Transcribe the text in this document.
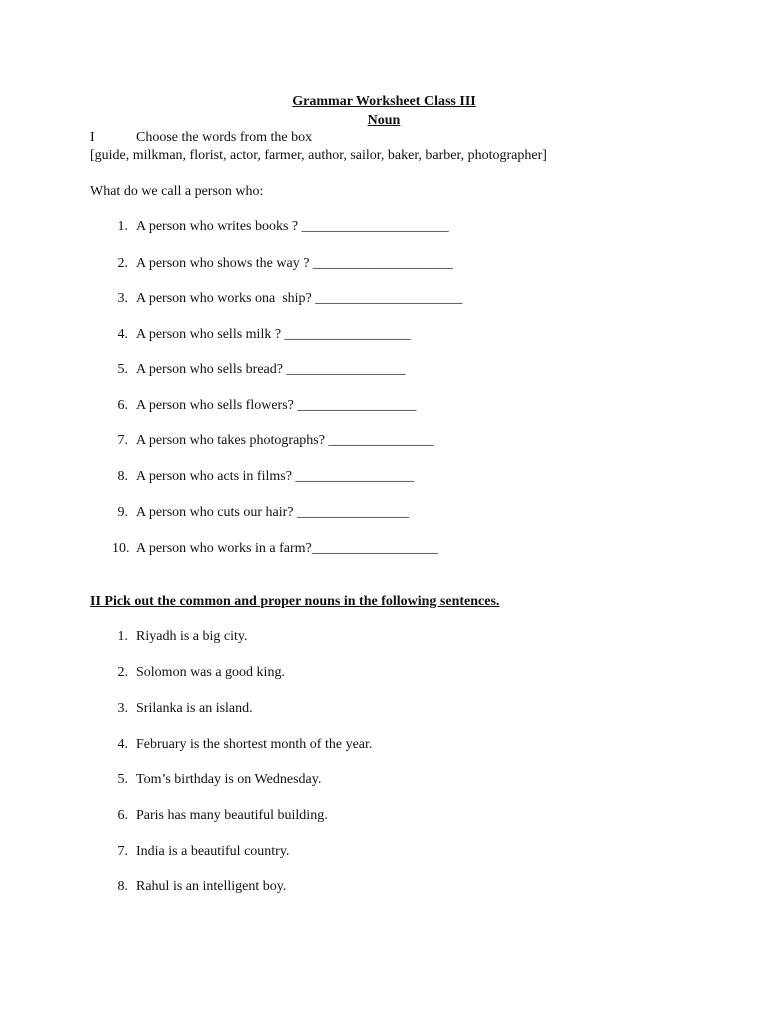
Grammar Worksheet Class III
Noun
I	Choose the words from the box
[guide, milkman, florist, actor, farmer, author, sailor, baker, barber, photographer]
What do we call a person who:
1. A person who writes books ? _____________________
2. A person who shows the way ? ____________________
3. A person who works ona  ship? _____________________
4. A person who sells milk ? __________________
5. A person who sells bread? _________________
6. A person who sells flowers? _________________
7. A person who takes photographs? _______________
8. A person who acts in films? _________________
9. A person who cuts our hair? ________________
10. A person who works in a farm?__________________
II Pick out the common and proper nouns in the following sentences.
1. Riyadh is a big city.
2. Solomon was a good king.
3. Srilanka is an island.
4. February is the shortest month of the year.
5. Tom’s birthday is on Wednesday.
6. Paris has many beautiful building.
7. India is a beautiful country.
8. Rahul is an intelligent boy.
